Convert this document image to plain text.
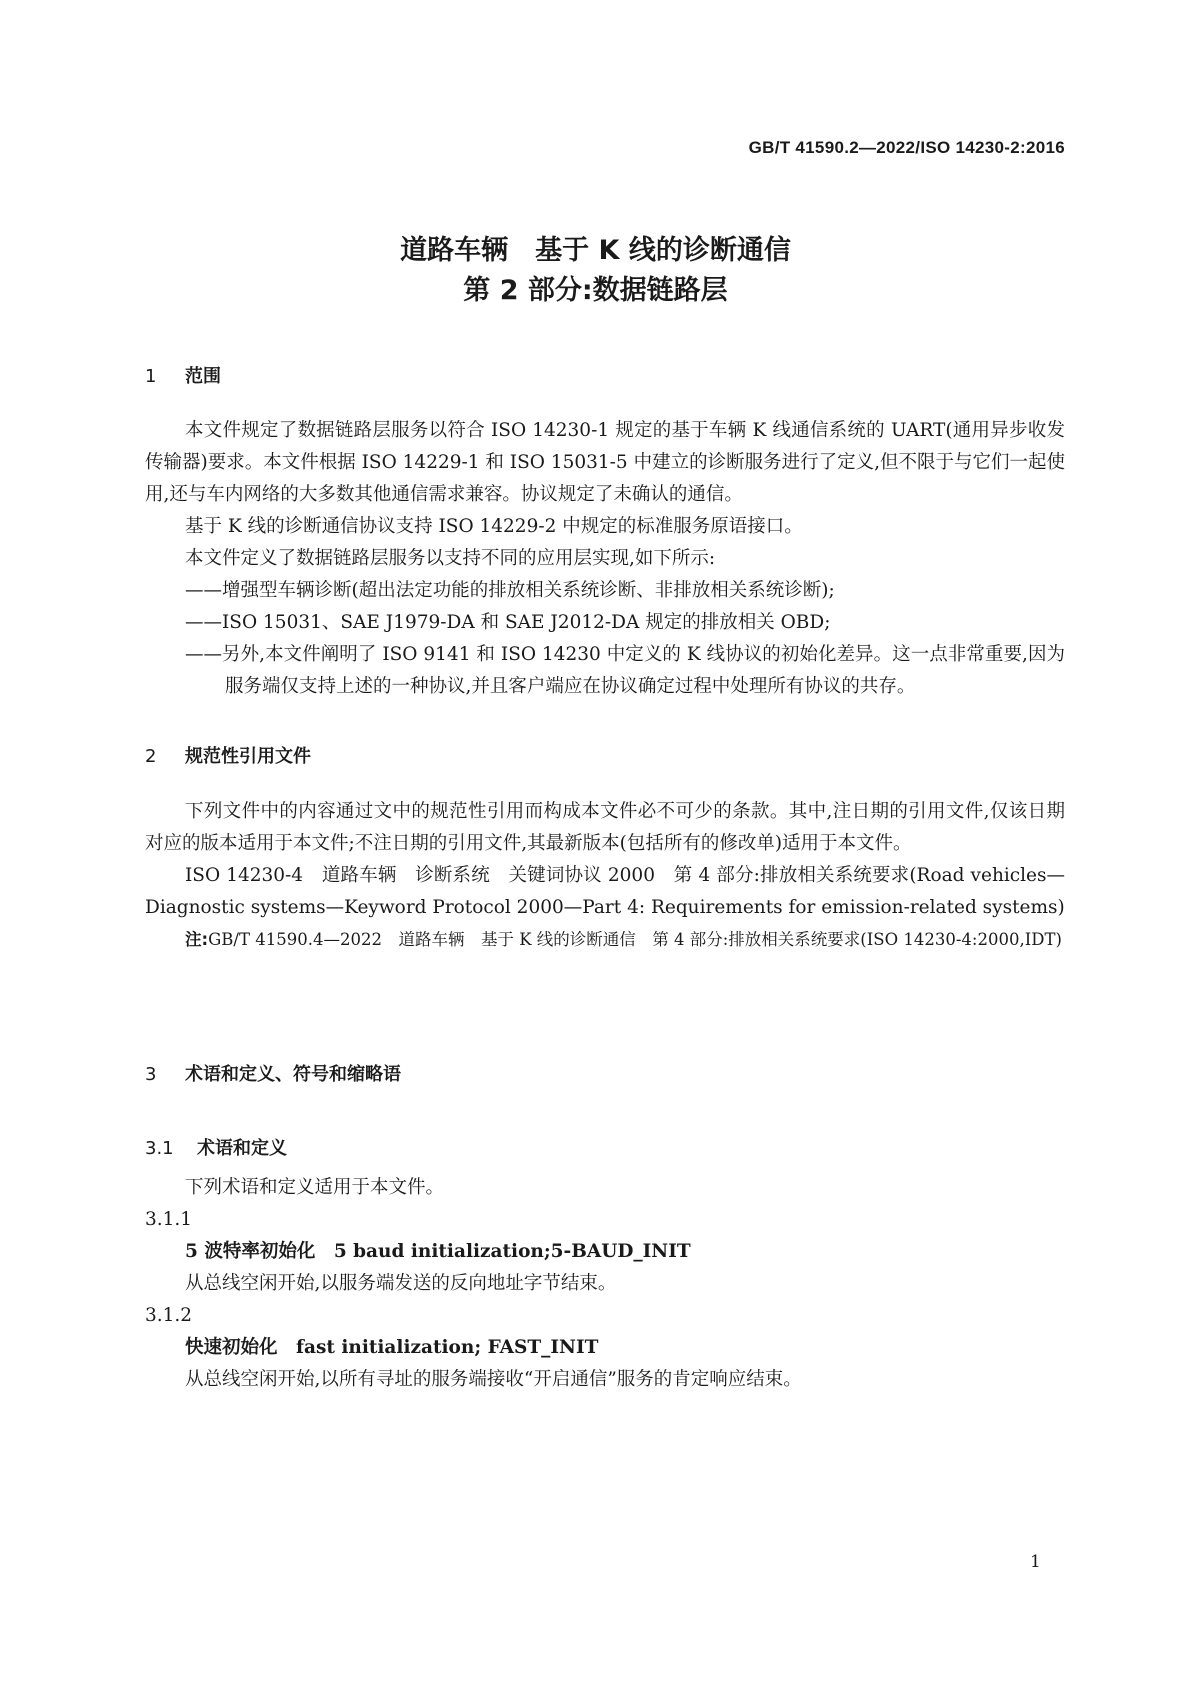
GB/T 41590.2—2022/ISO 14230-2:2016
道路车辆　基于 K 线的诊断通信
第 2 部分:数据链路层
1 范围

本文件规定了数据链路层服务以符合 ISO 14230-1 规定的基于车辆 K 线通信系统的 UART(通用异步收发传输器)要求。本文件根据 ISO 14229-1 和 ISO 15031-5 中建立的诊断服务进行了定义,但不限于与它们一起使用,还与车内网络的大多数其他通信需求兼容。协议规定了未确认的通信。

基于 K 线的诊断通信协议支持 ISO 14229-2 中规定的标准服务原语接口。

本文件定义了数据链路层服务以支持不同的应用层实现,如下所示:

——增强型车辆诊断(超出法定功能的排放相关系统诊断、非排放相关系统诊断);

——ISO 15031、SAE J1979-DA 和 SAE J2012-DA 规定的排放相关 OBD;

——另外,本文件阐明了 ISO 9141 和 ISO 14230 中定义的 K 线协议的初始化差异。这一点非常重要,因为服务端仅支持上述的一种协议,并且客户端应在协议确定过程中处理所有协议的共存。

2 规范性引用文件

下列文件中的内容通过文中的规范性引用而构成本文件必不可少的条款。其中,注日期的引用文件,仅该日期对应的版本适用于本文件;不注日期的引用文件,其最新版本(包括所有的修改单)适用于本文件。

ISO 14230-4　道路车辆　诊断系统　关键词协议 2000　第 4 部分:排放相关系统要求(Road vehicles—Diagnostic systems—Keyword Protocol 2000—Part 4: Requirements for emission-related systems)

注:GB/T 41590.4—2022　道路车辆　基于 K 线的诊断通信　第 4 部分:排放相关系统要求(ISO 14230-4:2000,IDT)

3 术语和定义、符号和缩略语
3.1 术语和定义

下列术语和定义适用于本文件。

3.1.1

5 波特率初始化　5 baud initialization;5-BAUD_INIT

从总线空闲开始,以服务端发送的反向地址字节结束。

3.1.2

快速初始化　fast initialization; FAST_INIT

从总线空闲开始,以所有寻址的服务端接收“开启通信”服务的肯定响应结束。

1
